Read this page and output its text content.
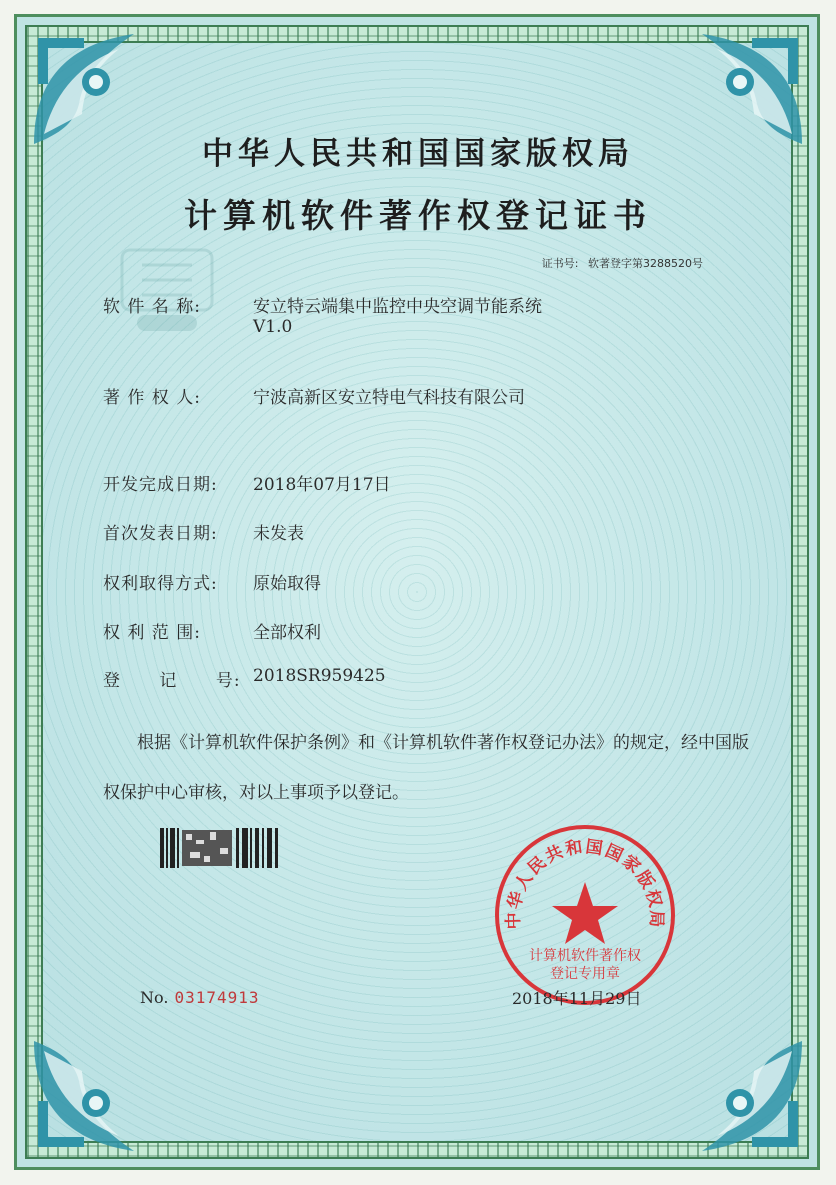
中华人民共和国国家版权局
计算机软件著作权登记证书
证书号: 软著登字第3288520号
软 件 名 称:	安立特云端集中监控中央空调节能系统
V1.0
著 作 权 人:	宁波高新区安立特电气科技有限公司
开发完成日期: 2018年07月17日
首次发表日期: 未发表
权利取得方式: 原始取得
权 利 范 围:	全部权利
登      记      号: 2018SR959425
根据《计算机软件保护条例》和《计算机软件著作权登记办法》的规定，经中国版权保护中心审核，对以上事项予以登记。
中华人民共和国国家版权局
计算机软件著作权
登记专用章
No. 03174913	2018年11月29日
